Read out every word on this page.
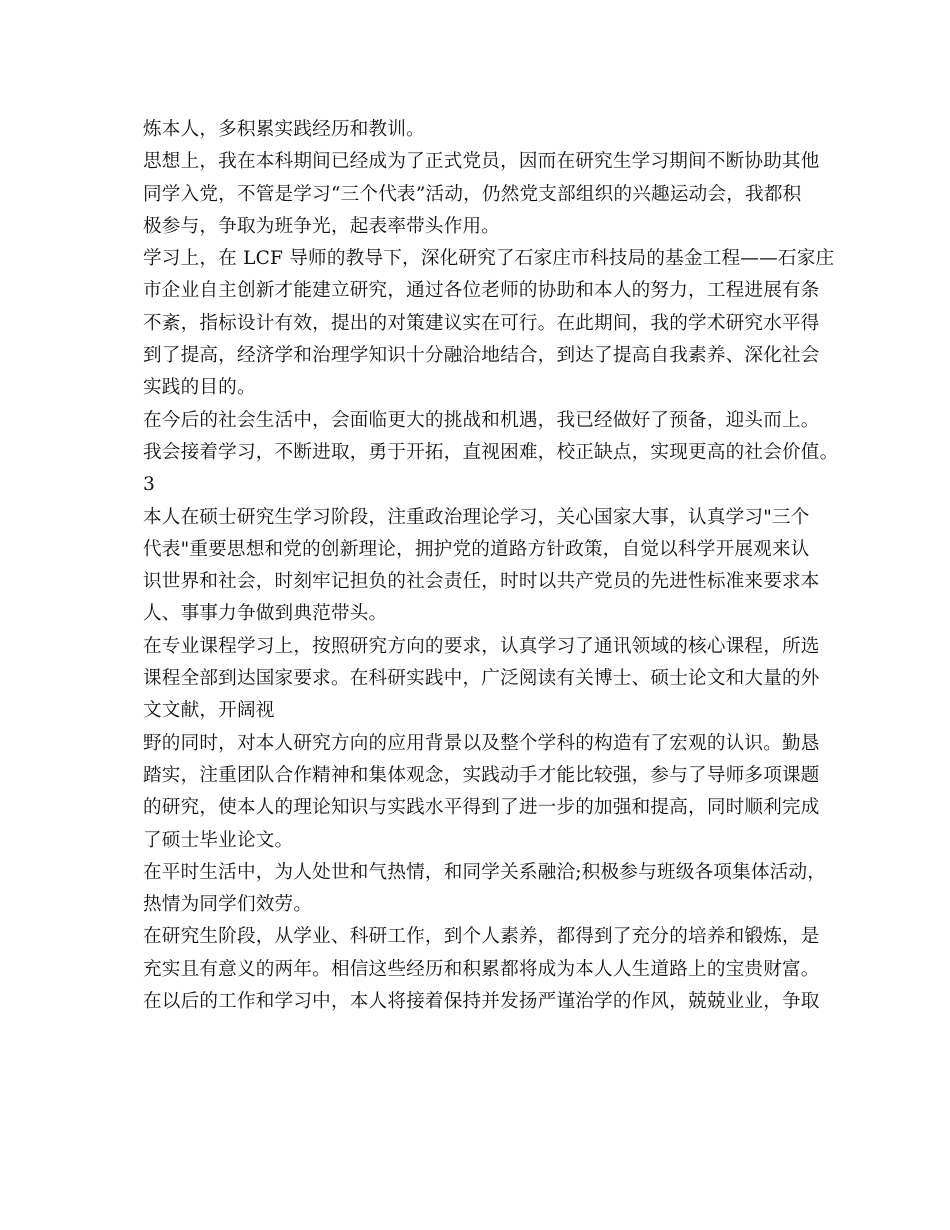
炼本人，多积累实践经历和教训。
思想上，我在本科期间已经成为了正式党员，因而在研究生学习期间不断协助其他
同学入党，不管是学习“三个代表”活动，仍然党支部组织的兴趣运动会，我都积
极参与，争取为班争光，起表率带头作用。
学习上，在 LCF 导师的教导下，深化研究了石家庄市科技局的基金工程——石家庄
市企业自主创新才能建立研究，通过各位老师的协助和本人的努力，工程进展有条
不紊，指标设计有效，提出的对策建议实在可行。在此期间，我的学术研究水平得
到了提高，经济学和治理学知识十分融洽地结合，到达了提高自我素养、深化社会
实践的目的。
在今后的社会生活中，会面临更大的挑战和机遇，我已经做好了预备，迎头而上。
我会接着学习，不断进取，勇于开拓，直视困难，校正缺点，实现更高的社会价值。
3
本人在硕士研究生学习阶段，注重政治理论学习，关心国家大事，认真学习"三个
代表"重要思想和党的创新理论，拥护党的道路方针政策，自觉以科学开展观来认
识世界和社会，时刻牢记担负的社会责任，时时以共产党员的先进性标准来要求本
人、事事力争做到典范带头。
在专业课程学习上，按照研究方向的要求，认真学习了通讯领域的核心课程，所选
课程全部到达国家要求。在科研实践中，广泛阅读有关博士、硕士论文和大量的外
文文献，开阔视
野的同时，对本人研究方向的应用背景以及整个学科的构造有了宏观的认识。勤恳
踏实，注重团队合作精神和集体观念，实践动手才能比较强，参与了导师多项课题
的研究，使本人的理论知识与实践水平得到了进一步的加强和提高，同时顺利完成
了硕士毕业论文。
在平时生活中，为人处世和气热情，和同学关系融洽;积极参与班级各项集体活动，
热情为同学们效劳。
在研究生阶段，从学业、科研工作，到个人素养，都得到了充分的培养和锻炼，是
充实且有意义的两年。相信这些经历和积累都将成为本人人生道路上的宝贵财富。
在以后的工作和学习中，本人将接着保持并发扬严谨治学的作风，兢兢业业，争取
